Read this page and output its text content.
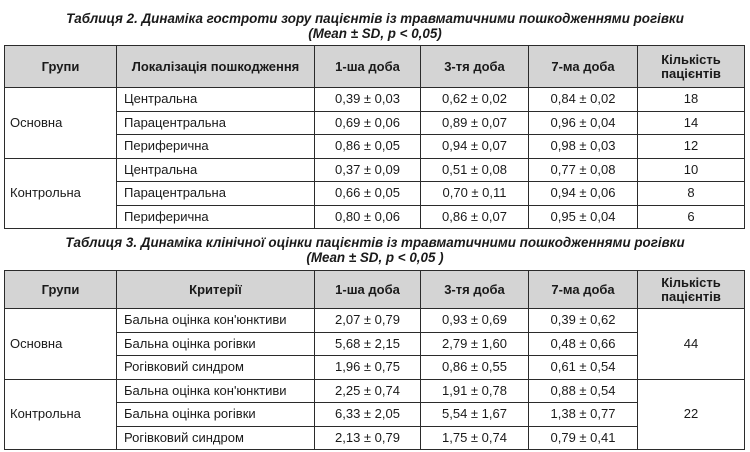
Таблиця 2. Динаміка гостроти зору пацієнтів із травматичними пошкодженнями рогівки
(Mean ± SD, p < 0,05)
Групи	Локалізація пошкодження	1-ша доба	3-тя доба	7-ма доба	Кількість пацієнтів
Основна	Центральна	0,39 ± 0,03	0,62 ± 0,02	0,84 ± 0,02	18
	Парацентральна	0,69 ± 0,06	0,89 ± 0,07	0,96 ± 0,04	14
	Периферична	0,86 ± 0,05	0,94 ± 0,07	0,98 ± 0,03	12
Контрольна	Центральна	0,37 ± 0,09	0,51 ± 0,08	0,77 ± 0,08	10
	Парацентральна	0,66 ± 0,05	0,70 ± 0,11	0,94 ± 0,06	8
	Периферична	0,80 ± 0,06	0,86 ± 0,07	0,95 ± 0,04	6
Таблиця 3. Динаміка клінічної оцінки пацієнтів із травматичними пошкодженнями рогівки
(Mean ± SD, p < 0,05 )
Групи	Критерії	1-ша доба	3-тя доба	7-ма доба	Кількість пацієнтів
Основна	Бальна оцінка кон'юнктиви	2,07 ± 0,79	0,93 ± 0,69	0,39 ± 0,62	44
	Бальна оцінка рогівки	5,68 ± 2,15	2,79 ± 1,60	0,48 ± 0,66	
	Рогівковий синдром	1,96 ± 0,75	0,86 ± 0,55	0,61 ± 0,54	
Контрольна	Бальна оцінка кон'юнктиви	2,25 ± 0,74	1,91 ± 0,78	0,88 ± 0,54	22
	Бальна оцінка рогівки	6,33 ± 2,05	5,54 ± 1,67	1,38 ± 0,77	
	Рогівковий синдром	2,13 ± 0,79	1,75 ± 0,74	0,79 ± 0,41	
